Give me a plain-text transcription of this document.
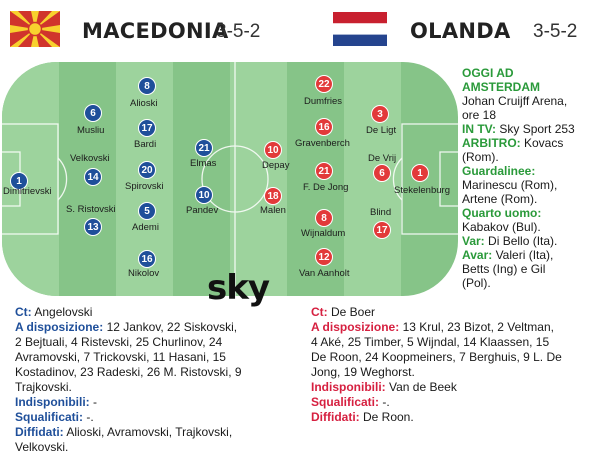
MACEDONIA
3-5-2	OLANDA 3-5-2
1
Dimitrievski
6
Musliu
14
Velkovski
13
S. Ristovski
8
Alioski
17
Bardi
20
Spirovski
5
Ademi
16
Nikolov
21
Elmas
10
Pandev
10
Depay
18
Malen
22
Dumfries
16
Gravenberch
21
F. De Jong
8
Wijnaldum
12
Van Aanholt
3
De Ligt
6
De Vrij
17
Blind
1
Stekelenburg
sky
OGGI AD
AMSTERDAM
Johan Cruijff Arena,
ore 18
IN TV: Sky Sport 253
ARBITRO: Kovacs
(Rom).
Guardalinee:
Marinescu (Rom),
Artene (Rom).
Quarto uomo:
Kabakov (Bul).
Var: Di Bello (Ita).
Avar: Valeri (Ita),
Betts (Ing) e Gil
(Pol).
Ct: Angelovski
A disposizione: 12 Jankov, 22 Siskovski,
2 Bejtuali, 4 Ristevski, 25 Churlinov, 24
Avramovski, 7 Trickovski, 11 Hasani, 15
Kostadinov, 23 Radeski, 26 M. Ristovski, 9
Trajkovski.
Indisponibili: -
Squalificati: -.
Diffidati: Alioski, Avramovski, Trajkovski,
Velkovski.
Ct: De Boer
A disposizione: 13 Krul, 23 Bizot, 2 Veltman,
4 Aké, 25 Timber, 5 Wijndal, 14 Klaassen, 15
De Roon, 24 Koopmeiners, 7 Berghuis, 9 L. De
Jong, 19 Weghorst.
Indisponibili: Van de Beek
Squalificati: -.
Diffidati: De Roon.
